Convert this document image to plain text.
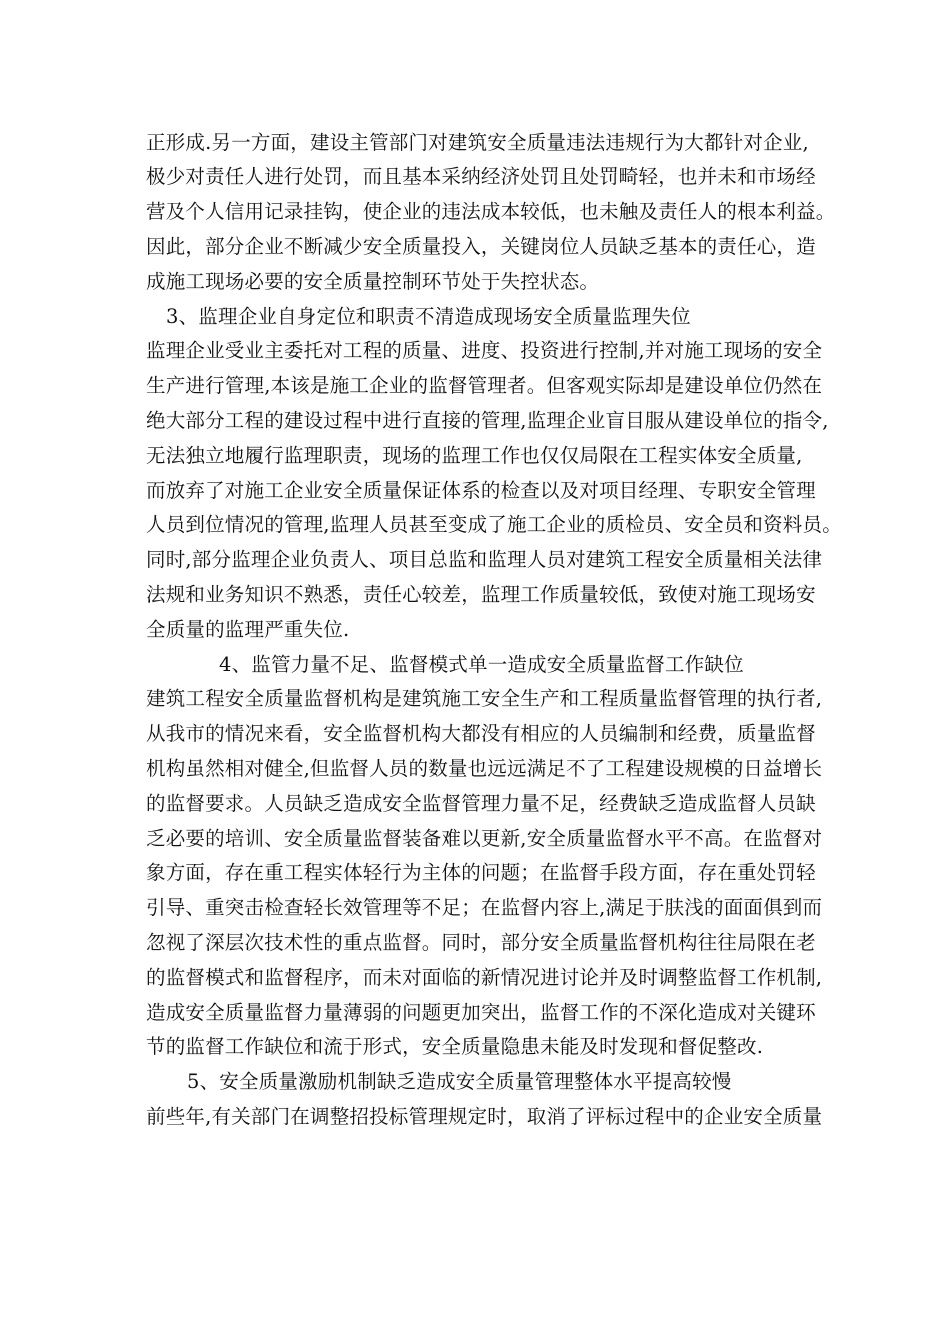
正形成.另一方面，建设主管部门对建筑安全质量违法违规行为大都针对企业,
极少对责任人进行处罚，而且基本采纳经济处罚且处罚畸轻，也并未和市场经
营及个人信用记录挂钩，使企业的违法成本较低，也未触及责任人的根本利益。
因此，部分企业不断减少安全质量投入，关键岗位人员缺乏基本的责任心，造
成施工现场必要的安全质量控制环节处于失控状态。
3、监理企业自身定位和职责不清造成现场安全质量监理失位
监理企业受业主委托对工程的质量、进度、投资进行控制,并对施工现场的安全
生产进行管理,本该是施工企业的监督管理者。但客观实际却是建设单位仍然在
绝大部分工程的建设过程中进行直接的管理,监理企业盲目服从建设单位的指令,
无法独立地履行监理职责，现场的监理工作也仅仅局限在工程实体安全质量,
而放弃了对施工企业安全质量保证体系的检查以及对项目经理、专职安全管理
人员到位情况的管理,监理人员甚至变成了施工企业的质检员、安全员和资料员。
同时,部分监理企业负责人、项目总监和监理人员对建筑工程安全质量相关法律
法规和业务知识不熟悉，责任心较差，监理工作质量较低，致使对施工现场安
全质量的监理严重失位.
4、监管力量不足、监督模式单一造成安全质量监督工作缺位
建筑工程安全质量监督机构是建筑施工安全生产和工程质量监督管理的执行者,
从我市的情况来看，安全监督机构大都没有相应的人员编制和经费，质量监督
机构虽然相对健全,但监督人员的数量也远远满足不了工程建设规模的日益增长
的监督要求。人员缺乏造成安全监督管理力量不足，经费缺乏造成监督人员缺
乏必要的培训、安全质量监督装备难以更新,安全质量监督水平不高。在监督对
象方面，存在重工程实体轻行为主体的问题；在监督手段方面，存在重处罚轻
引导、重突击检查轻长效管理等不足；在监督内容上,满足于肤浅的面面俱到而
忽视了深层次技术性的重点监督。同时，部分安全质量监督机构往往局限在老
的监督模式和监督程序，而未对面临的新情况进讨论并及时调整监督工作机制,
造成安全质量监督力量薄弱的问题更加突出，监督工作的不深化造成对关键环
节的监督工作缺位和流于形式，安全质量隐患未能及时发现和督促整改.
5、安全质量激励机制缺乏造成安全质量管理整体水平提高较慢
前些年,有关部门在调整招投标管理规定时，取消了评标过程中的企业安全质量
